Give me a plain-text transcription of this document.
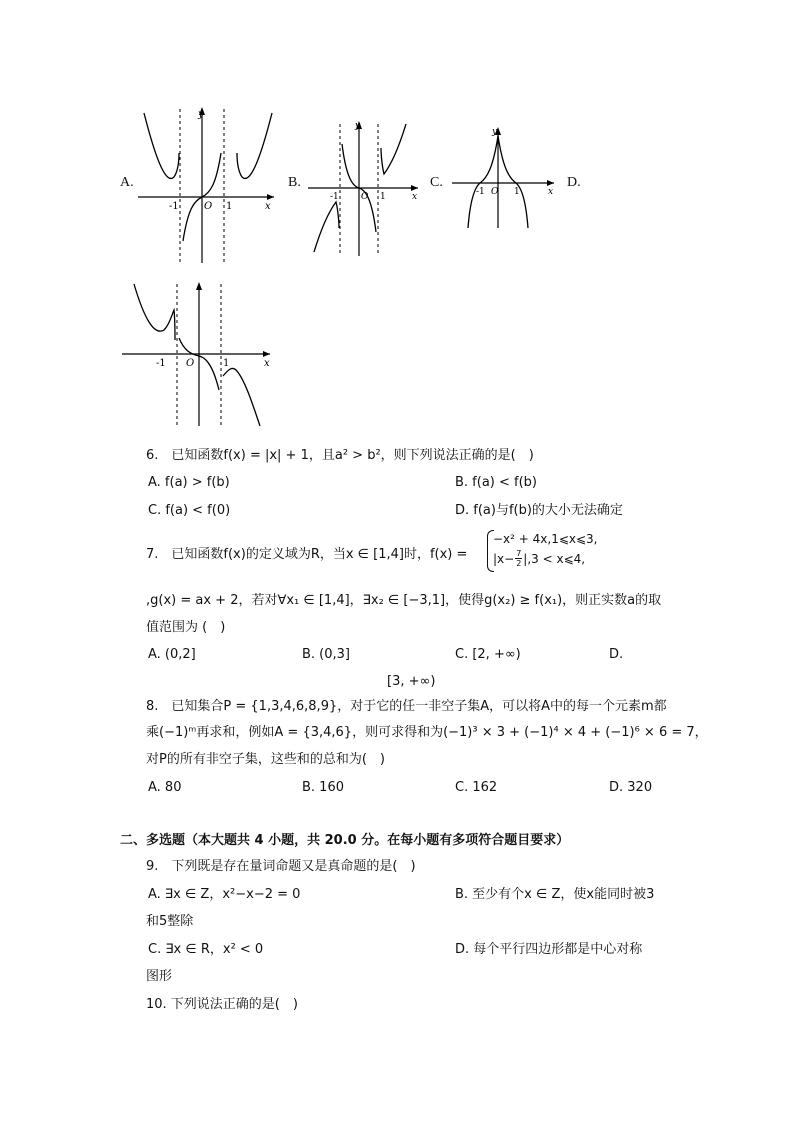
A.	B.	C.	D.
y
x
O
-1	1
y
x
O
-1	1
y
x
O
-1	1
O
-1	1	x
6.　已知函数f(x) = |x| + 1，且a² > b²，则下列说法正确的是(　)
A. f(a) > f(b)	B. f(a) < f(b)
C. f(a) < f(0)	D. f(a)与f(b)的大小无法确定
7.　已知函数f(x)的定义域为R，当x ∈ [1,4]时，f(x) =
−x² + 4x,1⩽x⩽3,
$|x- \frac{7}{2} |,3$ < x⩽4,
,g(x) = ax + 2，若对∀x₁ ∈ [1,4]，∃x₂ ∈ [−3,1]，使得g(x₂) ≥ f(x₁)，则正实数a的取
值范围为 (　)
A. (0,2]	B. (0,3]	C. [2, +∞)	D.
[3, +∞)
8.　已知集合P = {1,3,4,6,8,9}，对于它的任一非空子集A，可以将A中的每一个元素m都
乘(−1)ᵐ再求和，例如A = {3,4,6}，则可求得和为(−1)³ × 3 + (−1)⁴ × 4 + (−1)⁶ × 6 = 7，
对P的所有非空子集，这些和的总和为(　)
A. 80	B. 160	C. 162	D. 320
二、多选题（本大题共 4 小题，共 20.0 分。在每小题有多项符合题目要求）
9.　下列既是存在量词命题又是真命题的是(　)
A. ∃x ∈ Z，x²−x−2 = 0	B. 至少有个x ∈ Z，使x能同时被3
和5整除
C. ∃x ∈ R，x² < 0	D. 每个平行四边形都是中心对称
图形
10. 下列说法正确的是(　)
